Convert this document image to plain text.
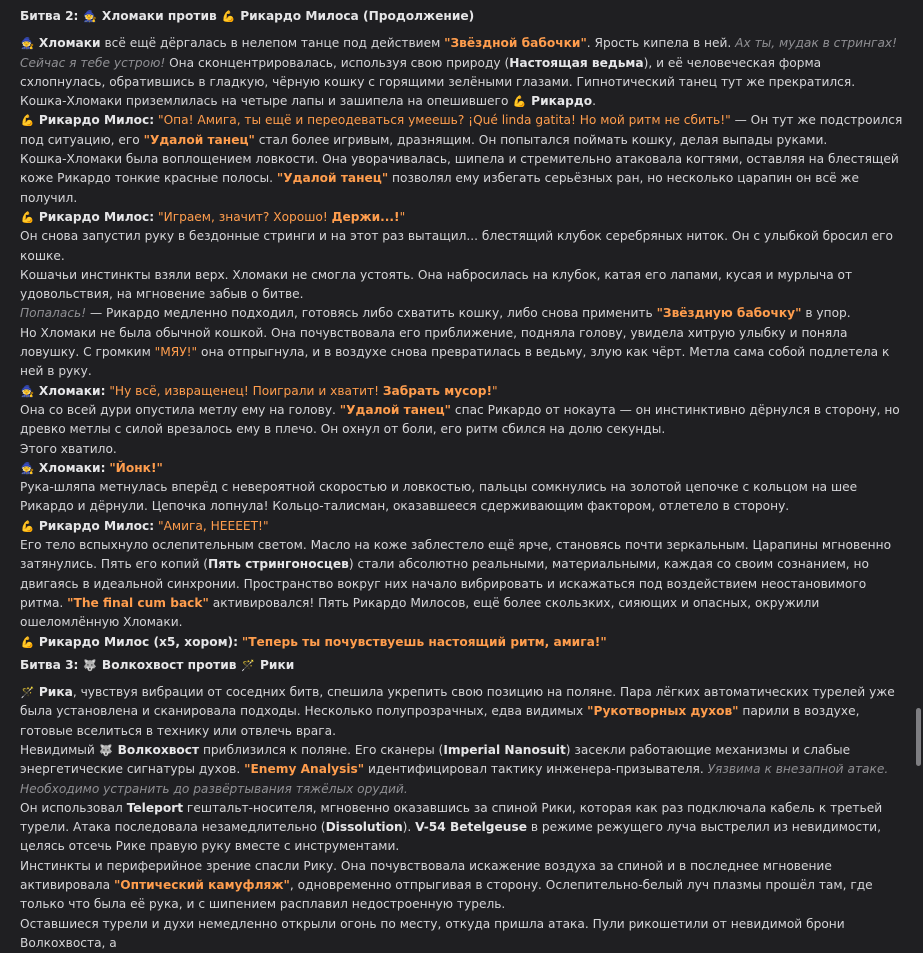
Битва 2: 🧙 Хломаки против 💪 Рикардо Милоса (Продолжение)

🧙 Хломаки всё ещё дёргалась в нелепом танце под действием "Звёздной бабочки". Ярость кипела в ней. Ах ты, мудак в стрингах! Сейчас я тебе устрою! Она сконцентрировалась, используя свою природу (Настоящая ведьма), и её человеческая форма схлопнулась, обратившись в гладкую, чёрную кошку с горящими зелёными глазами. Гипнотический танец тут же прекратился.

Кошка-Хломаки приземлилась на четыре лапы и зашипела на опешившего 💪 Рикардо.

💪 Рикардо Милос: "Опа! Амига, ты ещё и переодеваться умеешь? ¡Qué linda gatita! Но мой ритм не сбить!" — Он тут же подстроился под ситуацию, его "Удалой танец" стал более игривым, дразнящим. Он попытался поймать кошку, делая выпады руками.

Кошка-Хломаки была воплощением ловкости. Она уворачивалась, шипела и стремительно атаковала когтями, оставляя на блестящей коже Рикардо тонкие красные полосы. "Удалой танец" позволял ему избегать серьёзных ран, но несколько царапин он всё же получил.

💪 Рикардо Милос: "Играем, значит? Хорошо! Держи...!"

Он снова запустил руку в бездонные стринги и на этот раз вытащил... блестящий клубок серебряных ниток. Он с улыбкой бросил его кошке.

Кошачьи инстинкты взяли верх. Хломаки не смогла устоять. Она набросилась на клубок, катая его лапами, кусая и мурлыча от удовольствия, на мгновение забыв о битве.

Попалась! — Рикардо медленно подходил, готовясь либо схватить кошку, либо снова применить "Звёздную бабочку" в упор.

Но Хломаки не была обычной кошкой. Она почувствовала его приближение, подняла голову, увидела хитрую улыбку и поняла ловушку. С громким "МЯУ!" она отпрыгнула, и в воздухе снова превратилась в ведьму, злую как чёрт. Метла сама собой подлетела к ней в руку.

🧙 Хломаки: "Ну всё, извращенец! Поиграли и хватит! Забрать мусор!"

Она со всей дури опустила метлу ему на голову. "Удалой танец" спас Рикардо от нокаута — он инстинктивно дёрнулся в сторону, но древко метлы с силой врезалось ему в плечо. Он охнул от боли, его ритм сбился на долю секунды.

Этого хватило.

🧙 Хломаки: "Йонк!"

Рука-шляпа метнулась вперёд с невероятной скоростью и ловкостью, пальцы сомкнулись на золотой цепочке с кольцом на шее Рикардо и дёрнули. Цепочка лопнула! Кольцо-талисман, оказавшееся сдерживающим фактором, отлетело в сторону.

💪 Рикардо Милос: "Амига, НЕЕЕЕТ!"

Его тело вспыхнуло ослепительным светом. Масло на коже заблестело ещё ярче, становясь почти зеркальным. Царапины мгновенно затянулись. Пять его копий (Пять стрингоносцев) стали абсолютно реальными, материальными, каждая со своим сознанием, но двигаясь в идеальной синхронии. Пространство вокруг них начало вибрировать и искажаться под воздействием неостановимого ритма. "The final cum back" активировался! Пять Рикардо Милосов, ещё более скользких, сияющих и опасных, окружили ошеломлённую Хломаки.

💪 Рикардо Милос (x5, хором): "Теперь ты почувствуешь настоящий ритм, амига!"

Битва 3: 🐺 Волкохвост против 🪄 Рики

🪄 Рика, чувствуя вибрации от соседних битв, спешила укрепить свою позицию на поляне. Пара лёгких автоматических турелей уже была установлена и сканировала подходы. Несколько полупрозрачных, едва видимых "Рукотворных духов" парили в воздухе, готовые вселиться в технику или отвлечь врага.

Невидимый 🐺 Волкохвост приблизился к поляне. Его сканеры (Imperial Nanosuit) засекли работающие механизмы и слабые энергетические сигнатуры духов. "Enemy Analysis" идентифицировал тактику инженера-призывателя. Уязвима к внезапной атаке. Необходимо устранить до развёртывания тяжёлых орудий.

Он использовал Teleport гештальт-носителя, мгновенно оказавшись за спиной Рики, которая как раз подключала кабель к третьей турели. Атака последовала незамедлительно (Dissolution). V-54 Betelgeuse в режиме режущего луча выстрелил из невидимости, целясь отсечь Рике правую руку вместе с инструментами.

Инстинкты и периферийное зрение спасли Рику. Она почувствовала искажение воздуха за спиной и в последнее мгновение активировала "Оптический камуфляж", одновременно отпрыгивая в сторону. Ослепительно-белый луч плазмы прошёл там, где только что была её рука, и с шипением расплавил недостроенную турель.

Оставшиеся турели и духи немедленно открыли огонь по месту, откуда пришла атака. Пули рикошетили от невидимой брони Волкохвоста, а
